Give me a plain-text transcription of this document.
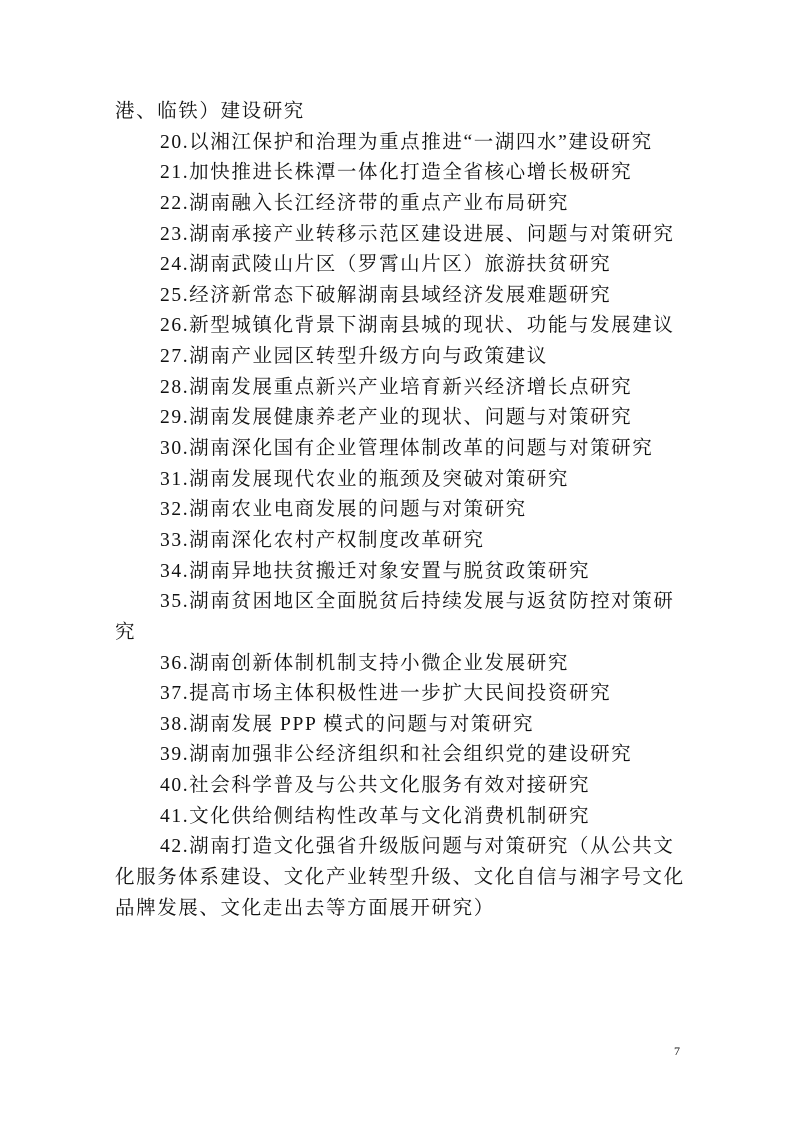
港、临铁）建设研究
20.以湘江保护和治理为重点推进“一湖四水”建设研究
21.加快推进长株潭一体化打造全省核心增长极研究
22.湖南融入长江经济带的重点产业布局研究
23.湖南承接产业转移示范区建设进展、问题与对策研究
24.湖南武陵山片区（罗霄山片区）旅游扶贫研究
25.经济新常态下破解湖南县域经济发展难题研究
26.新型城镇化背景下湖南县城的现状、功能与发展建议
27.湖南产业园区转型升级方向与政策建议
28.湖南发展重点新兴产业培育新兴经济增长点研究
29.湖南发展健康养老产业的现状、问题与对策研究
30.湖南深化国有企业管理体制改革的问题与对策研究
31.湖南发展现代农业的瓶颈及突破对策研究
32.湖南农业电商发展的问题与对策研究
33.湖南深化农村产权制度改革研究
34.湖南异地扶贫搬迁对象安置与脱贫政策研究
35.湖南贫困地区全面脱贫后持续发展与返贫防控对策研
究
36.湖南创新体制机制支持小微企业发展研究
37.提高市场主体积极性进一步扩大民间投资研究
38.湖南发展 PPP 模式的问题与对策研究
39.湖南加强非公经济组织和社会组织党的建设研究
40.社会科学普及与公共文化服务有效对接研究
41.文化供给侧结构性改革与文化消费机制研究
42.湖南打造文化强省升级版问题与对策研究（从公共文
化服务体系建设、文化产业转型升级、文化自信与湘字号文化
品牌发展、文化走出去等方面展开研究）
7
